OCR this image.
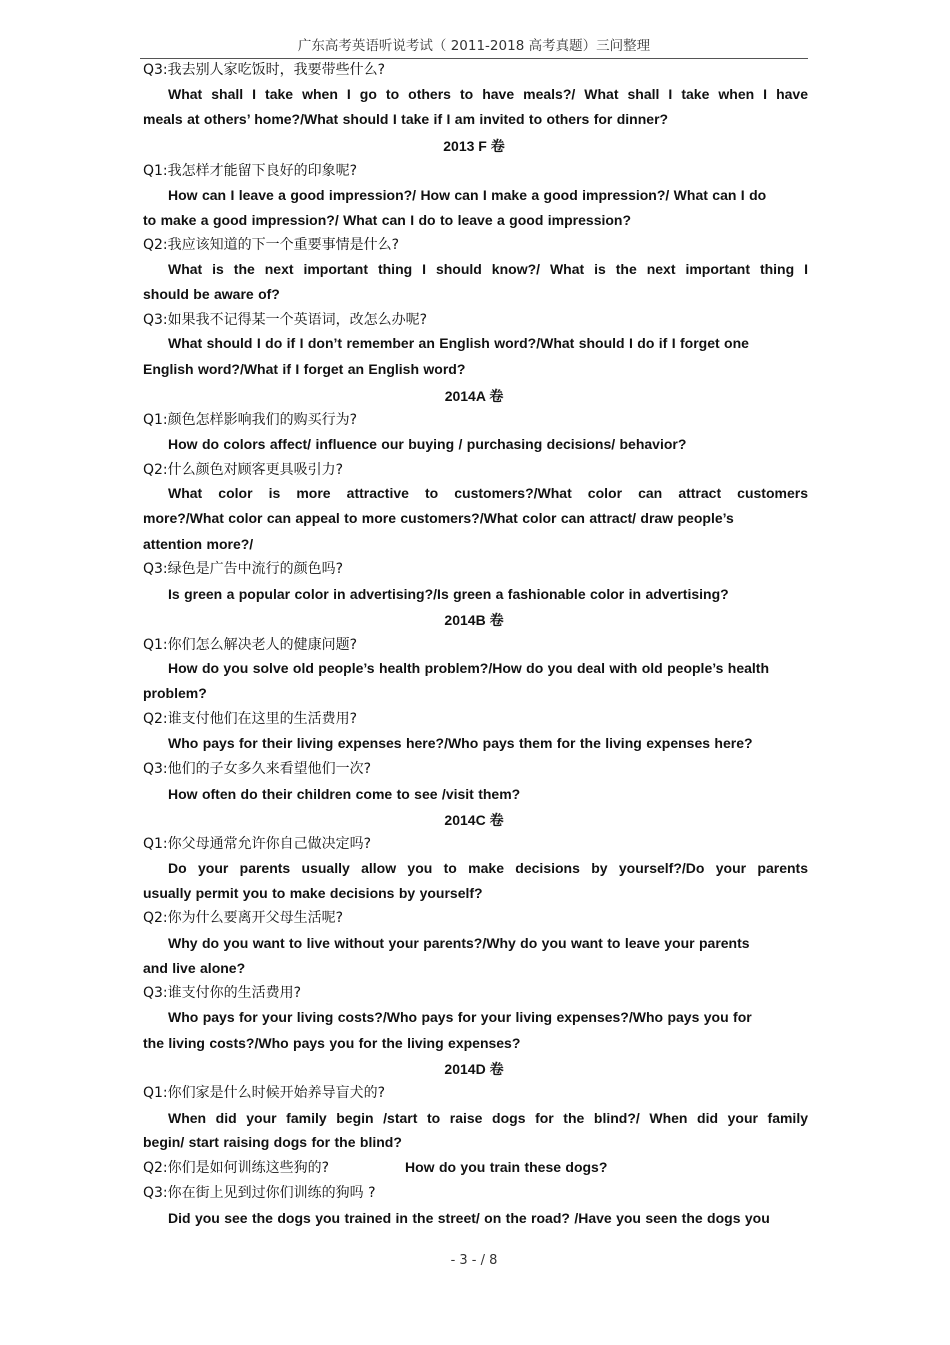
广东高考英语听说考试（ 2011-2018 高考真题）三问整理
Q3:我去别人家吃饭时，我要带些什么?
What shall I take when I go to others to have meals?/ What shall I take when I have
meals at others’ home?/What should I take if I am invited to others for dinner?
2013 F 卷
Q1:我怎样才能留下良好的印象呢?
How can I leave a good impression?/ How can I make a good impression?/ What can I do
to make a good impression?/ What can I do to leave a good impression?
Q2:我应该知道的下一个重要事情是什么?
What is the next important thing I should know?/ What is the next important thing I
should be aware of?
Q3:如果我不记得某一个英语词，改怎么办呢?
What should I do if I don’t remember an English word?/What should I do if I forget one
English word?/What if I forget an English word?
2014A 卷
Q1:颜色怎样影响我们的购买行为?
How do colors affect/ influence our buying / purchasing decisions/ behavior?
Q2:什么颜色对顾客更具吸引力?
What color is more attractive to customers?/What color can attract customers
more?/What color can appeal to more customers?/What color can attract/ draw people’s
attention more?/
Q3:绿色是广告中流行的颜色吗?
Is green a popular color in advertising?/Is green a fashionable color in advertising?
2014B 卷
Q1:你们怎么解决老人的健康问题?
How do you solve old people’s health problem?/How do you deal with old people’s health
problem?
Q2:谁支付他们在这里的生活费用?
Who pays for their living expenses here?/Who pays them for the living expenses here?
Q3:他们的子女多久来看望他们一次?
How often do their children come to see /visit them?
2014C 卷
Q1:你父母通常允许你自己做决定吗?
Do your parents usually allow you to make decisions by yourself?/Do your parents
usually permit you to make decisions by yourself?
Q2:你为什么要离开父母生活呢?
Why do you want to live without your parents?/Why do you want to leave your parents
and live alone?
Q3:谁支付你的生活费用?
Who pays for your living costs?/Who pays for your living expenses?/Who pays you for
the living costs?/Who pays you for the living expenses?
2014D 卷
Q1:你们家是什么时候开始养导盲犬的?
When did your family begin /start to raise dogs for the blind?/ When did your family
begin/ start raising dogs for the blind?
Q2:你们是如何训练这些狗的?	How do you train these dogs?
Q3:你在街上见到过你们训练的狗吗 ?
Did you see the dogs you trained in the street/ on the road? /Have you seen the dogs you
- 3 - / 8
